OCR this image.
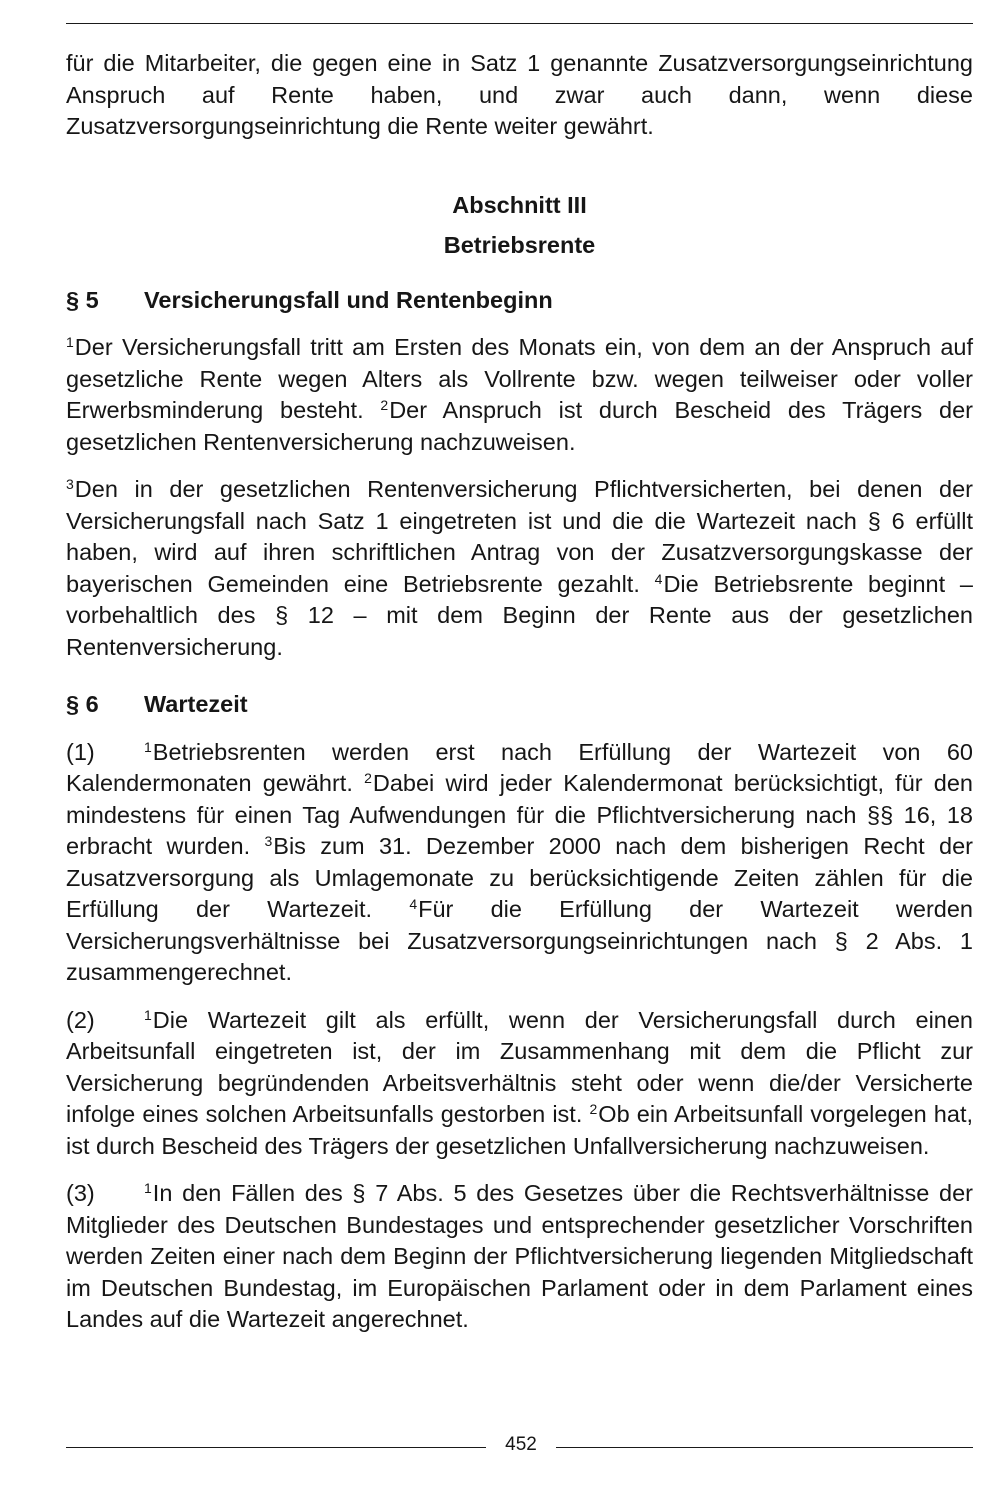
für die Mitarbeiter, die gegen eine in Satz 1 genannte Zusatzversorgungseinrichtung Anspruch auf Rente haben, und zwar auch dann, wenn diese Zusatzversorgungseinrichtung die Rente weiter gewährt.

Abschnitt III
Betriebsrente
§ 5	Versicherungsfall und Rentenbeginn

$^1$Der Versicherungsfall tritt am Ersten des Monats ein, von dem an der Anspruch auf gesetzliche Rente wegen Alters als Vollrente bzw. wegen teilweiser oder voller Erwerbsminderung besteht. $^2$Der Anspruch ist durch Bescheid des Trägers der gesetzlichen Rentenversicherung nachzuweisen.

$^3$Den in der gesetzlichen Rentenversicherung Pflichtversicherten, bei denen der Versicherungsfall nach Satz 1 eingetreten ist und die die Wartezeit nach § 6 erfüllt haben, wird auf ihren schriftlichen Antrag von der Zusatzversorgungskasse der bayerischen Gemeinden eine Betriebsrente gezahlt. $^4$Die Betriebsrente beginnt – vorbehaltlich des § 12 – mit dem Beginn der Rente aus der gesetzlichen Rentenversicherung.

§ 6	Wartezeit

(1)	$^1$Betriebsrenten werden erst nach Erfüllung der Wartezeit von 60 Kalendermonaten gewährt. $^2$Dabei wird jeder Kalendermonat berücksichtigt, für den mindestens für einen Tag Aufwendungen für die Pflichtversicherung nach §§ 16, 18 erbracht wurden. $^3$Bis zum 31. Dezember 2000 nach dem bisherigen Recht der Zusatzversorgung als Umlagemonate zu berücksichtigende Zeiten zählen für die Erfüllung der Wartezeit.	$^4$Für die Erfüllung der Wartezeit werden Versicherungsverhältnisse bei Zusatzversorgungseinrichtungen nach § 2 Abs. 1 zusammengerechnet.

(2)	$^1$Die Wartezeit gilt als erfüllt, wenn der Versicherungsfall durch einen Arbeitsunfall eingetreten ist, der im Zusammenhang mit dem die Pflicht zur Versicherung begründenden Arbeitsverhältnis steht oder wenn die/der Versicherte infolge eines solchen Arbeitsunfalls gestorben ist. $^2$Ob ein Arbeitsunfall vorgelegen hat, ist durch Bescheid des Trägers der gesetzlichen Unfallversicherung nachzuweisen.

(3)	$^1$In den Fällen des § 7 Abs. 5 des Gesetzes über die Rechtsverhältnisse der Mitglieder des Deutschen Bundestages und entsprechender gesetzlicher Vorschriften werden Zeiten einer nach dem Beginn der Pflichtversicherung liegenden Mitgliedschaft im Deutschen Bundestag, im Europäischen Parlament oder in dem Parlament eines Landes auf die Wartezeit angerechnet.

452
